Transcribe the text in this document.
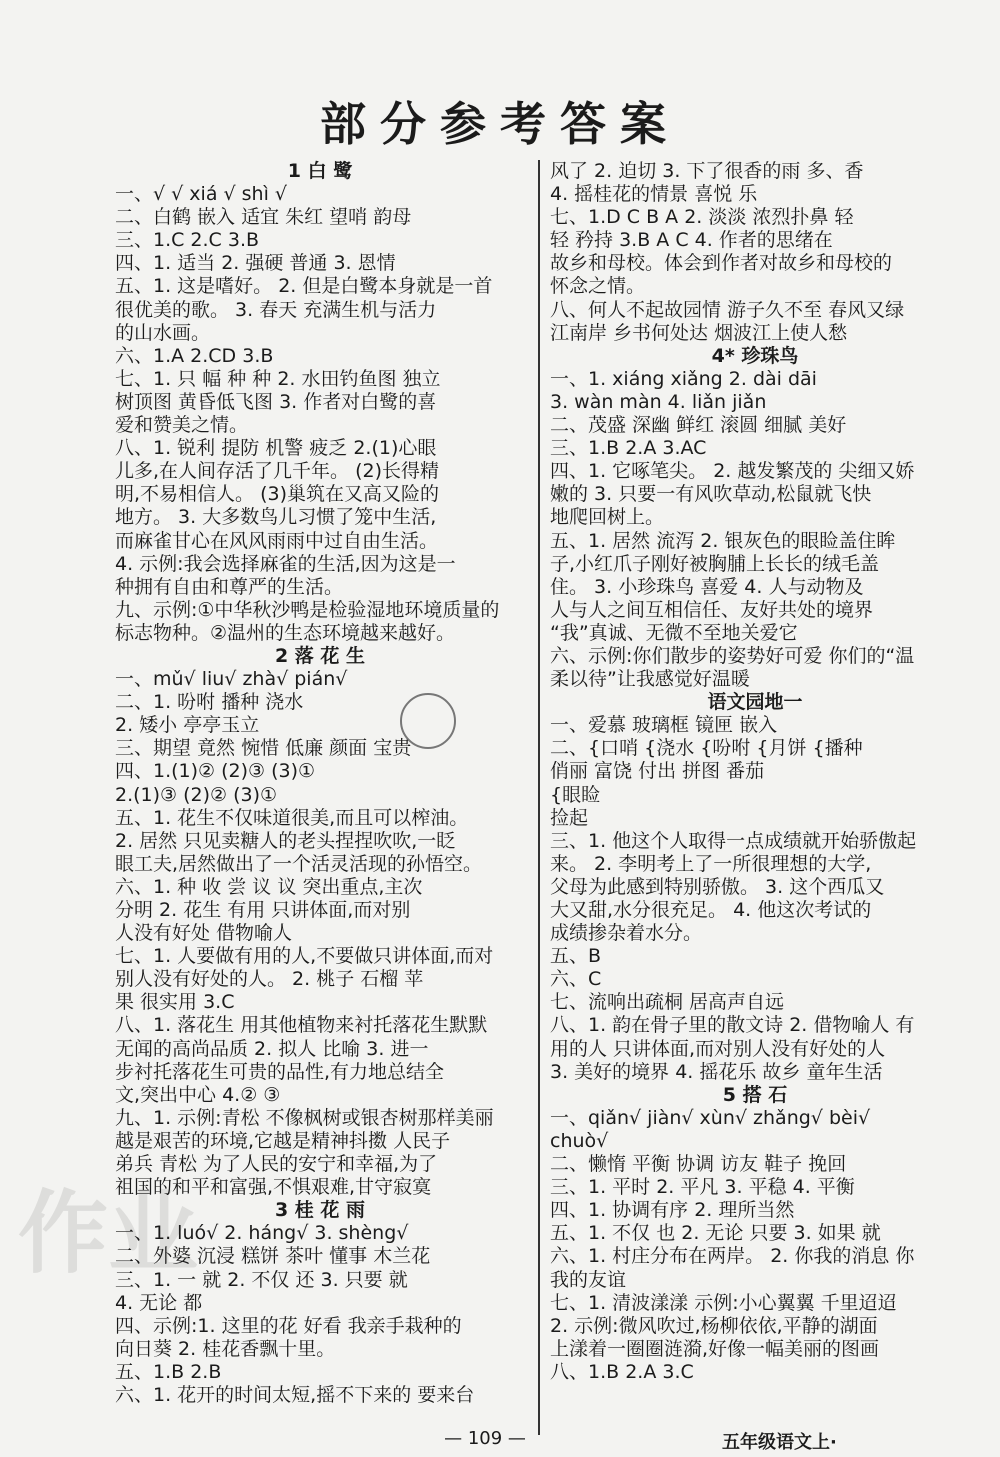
作 业
部分参考答案
1 白 鹭
一、√ √ xiá √ shì √
二、白鹤 嵌入 适宜 朱红 望哨 韵母
三、1.C 2.C 3.B
四、1. 适当 2. 强硬 普通 3. 恩情
五、1. 这是嗜好。 2. 但是白鹭本身就是一首
很优美的歌。 3. 春天 充满生机与活力
的山水画。
六、1.A 2.CD 3.B
七、1. 只 幅 种 种 2. 水田钓鱼图 独立
树顶图 黄昏低飞图 3. 作者对白鹭的喜
爱和赞美之情。
八、1. 锐利 提防 机警 疲乏 2.(1)心眼
儿多,在人间存活了几千年。 (2)长得精
明,不易相信人。 (3)巢筑在又高又险的
地方。 3. 大多数鸟儿习惯了笼中生活,
而麻雀甘心在风风雨雨中过自由生活。
4. 示例:我会选择麻雀的生活,因为这是一
种拥有自由和尊严的生活。
九、示例:①中华秋沙鸭是检验湿地环境质量的
标志物种。②温州的生态环境越来越好。
2 落 花 生
一、mǔ√ liu√ zhà√ pián√
二、1. 吩咐 播种 浇水
2. 矮小 亭亭玉立
三、期望 竟然 惋惜 低廉 颜面 宝贵
四、1.(1)② (2)③ (3)①
2.(1)③ (2)② (3)①
五、1. 花生不仅味道很美,而且可以榨油。
2. 居然 只见卖糖人的老头捏捏吹吹,一眨
眼工夫,居然做出了一个活灵活现的孙悟空。
六、1. 种 收 尝 议 议 突出重点,主次
分明 2. 花生 有用 只讲体面,而对别
人没有好处 借物喻人
七、1. 人要做有用的人,不要做只讲体面,而对
别人没有好处的人。 2. 桃子 石榴 苹
果 很实用 3.C
八、1. 落花生 用其他植物来衬托落花生默默
无闻的高尚品质 2. 拟人 比喻 3. 进一
步衬托落花生可贵的品性,有力地总结全
文,突出中心 4.② ③
九、1. 示例:青松 不像枫树或银杏树那样美丽
越是艰苦的环境,它越是精神抖擞 人民子
弟兵 青松 为了人民的安宁和幸福,为了
祖国的和平和富强,不惧艰难,甘守寂寞
3 桂 花 雨
一、1. luó√ 2. háng√ 3. shèng√
二、外婆 沉浸 糕饼 茶叶 懂事 木兰花
三、1. 一 就 2. 不仅 还 3. 只要 就
4. 无论 都
四、示例:1. 这里的花 好看 我亲手栽种的
向日葵 2. 桂花香飘十里。
五、1.B 2.B
六、1. 花开的时间太短,摇不下来的 要来台
风了 2. 迫切 3. 下了很香的雨 多、香
4. 摇桂花的情景 喜悦 乐
七、1.D C B A 2. 淡淡 浓烈扑鼻 轻
轻 矜持 3.B A C 4. 作者的思绪在
故乡和母校。体会到作者对故乡和母校的
怀念之情。
八、何人不起故园情 游子久不至 春风又绿
江南岸 乡书何处达 烟波江上使人愁
4* 珍珠鸟
一、1. xiáng xiǎng 2. dài dāi
3. wàn màn 4. liǎn jiǎn
二、茂盛 深幽 鲜红 滚圆 细腻 美好
三、1.B 2.A 3.AC
四、1. 它啄笔尖。 2. 越发繁茂的 尖细又娇
嫩的 3. 只要一有风吹草动,松鼠就飞快
地爬回树上。
五、1. 居然 流泻 2. 银灰色的眼睑盖住眸
子,小红爪子刚好被胸脯上长长的绒毛盖
住。 3. 小珍珠鸟 喜爱 4. 人与动物及
人与人之间互相信任、友好共处的境界
“我”真诚、无微不至地关爱它
六、示例:你们散步的姿势好可爱 你们的“温
柔以待”让我感觉好温暖
语文园地一
一、爱慕 玻璃框 镜匣 嵌入
二、{口哨 {浇水 {吩咐 {月饼 {播种
俏丽 富饶 付出 拼图 番茄
{眼睑
捡起
三、1. 他这个人取得一点成绩就开始骄傲起
来。 2. 李明考上了一所很理想的大学,
父母为此感到特别骄傲。 3. 这个西瓜又
大又甜,水分很充足。 4. 他这次考试的
成绩掺杂着水分。
五、B
六、C
七、流响出疏桐 居高声自远
八、1. 韵在骨子里的散文诗 2. 借物喻人 有
用的人 只讲体面,而对别人没有好处的人
3. 美好的境界 4. 摇花乐 故乡 童年生活
5 搭 石
一、qiǎn√ jiàn√ xùn√ zhǎng√ bèi√
chuò√
二、懒惰 平衡 协调 访友 鞋子 挽回
三、1. 平时 2. 平凡 3. 平稳 4. 平衡
四、1. 协调有序 2. 理所当然
五、1. 不仅 也 2. 无论 只要 3. 如果 就
六、1. 村庄分布在两岸。 2. 你我的消息 你
我的友谊
七、1. 清波漾漾 示例:小心翼翼 千里迢迢
2. 示例:微风吹过,杨柳依依,平静的湖面
上漾着一圈圈涟漪,好像一幅美丽的图画
八、1.B 2.A 3.C
— 109 —	五年级语文上·
